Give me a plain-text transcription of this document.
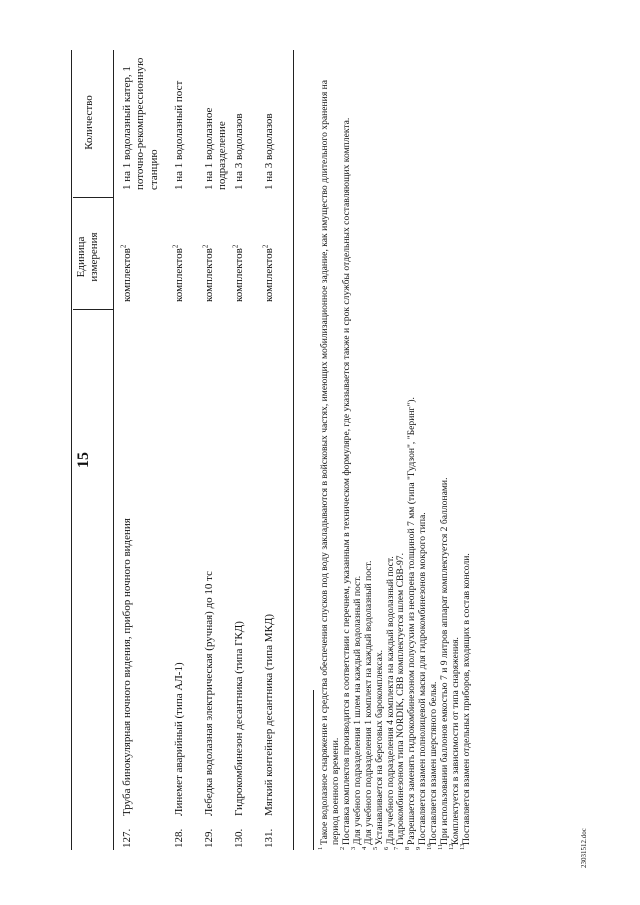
15
Единица измерения
Количество
127.
Труба бинокулярная ночного видения, прибор ночного видения
комплектов$^2$
1 на 1 водолазный катер, 1 поточно-рекомпрессионную станцию
128.
Линемет аварийный (типа АЛ-1)
комплектов$^2$
1 на 1 водолазный пост
129.
Лебедка водолазная электрическая (ручная) до 10 тс
комплектов$^2$
1 на 1 водолазное подразделение
130.
Гидрокомбинезон десантника (типа ГКД)
комплектов$^2$
1 на 3 водолазов
131.
Мягкий контейнер десантника (типа МКД)
комплектов$^2$
1 на 3 водолазов
1
Такое водолазное снаряжение и средства обеспечения спусков под воду закладываются в войсковых частях, имеющих мобилизационное задание, как имущество длительного хранения на период военного времени.
2
Поставка комплектов производится в соответствии с перечнем, указанным в техническом формуляре, где указывается также и срок службы отдельных составляющих комплекта.
3
Для учебного подразделения 1 шлем на каждый водолазный пост.
4
Для учебного подразделения 1 комплект на каждый водолазный пост.
5
Устанавливается на береговых барокомплексах.
6
Для учебного подразделения 4 комплекта на каждый водолазный пост.
7
Гидрокомбинезоном типа NORDIK, СВВ комплектуется шлем СВВ-97.
8
Разрешается заменять гидрокомбинезоном полусухим из неопрена толщиной 7 мм (типа "Гудзон", "Беринг").
9
Поставляется взамен полнолицевой маски для гидрокомбинезонов мокрого типа.
10
Поставляется взамен шерстяного белья.
11
При использовании баллонов емкостью 7 и 9 литров аппарат комплектуется 2 баллонами.
12
Комплектуется в зависимости от типа снаряжения.
13
Поставляется взамен отдельных приборов, входящих в состав консоли.
23031512.doc
